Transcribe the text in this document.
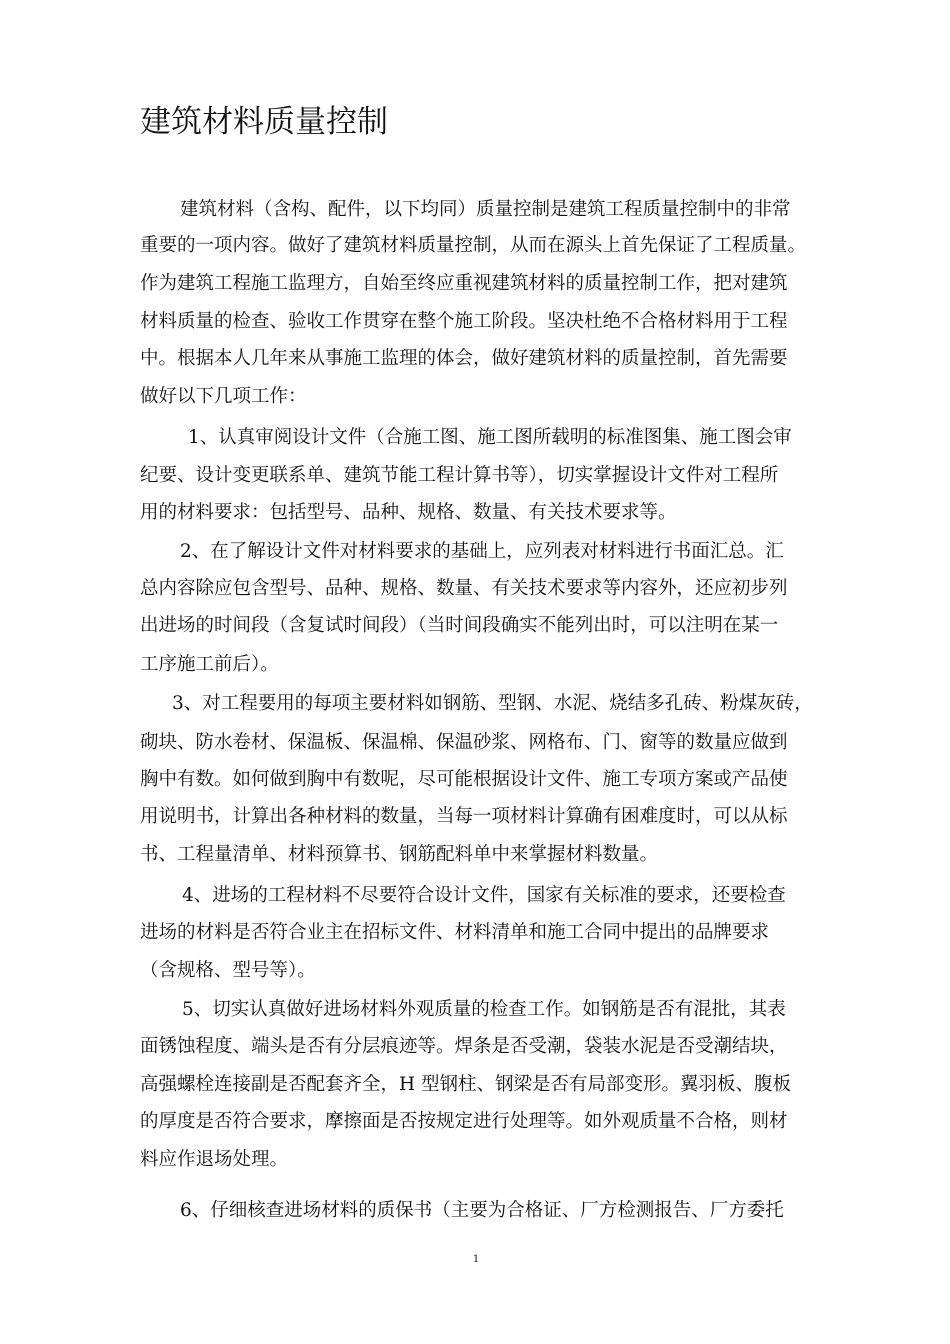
建筑材料质量控制
建筑材料（含构、配件，以下均同）质量控制是建筑工程质量控制中的非常
重要的一项内容。做好了建筑材料质量控制，从而在源头上首先保证了工程质量。
作为建筑工程施工监理方，自始至终应重视建筑材料的质量控制工作，把对建筑
材料质量的检查、验收工作贯穿在整个施工阶段。坚决杜绝不合格材料用于工程
中。根据本人几年来从事施工监理的体会，做好建筑材料的质量控制，首先需要
做好以下几项工作：
1、认真审阅设计文件（合施工图、施工图所载明的标准图集、施工图会审
纪要、设计变更联系单、建筑节能工程计算书等），切实掌握设计文件对工程所
用的材料要求：包括型号、品种、规格、数量、有关技术要求等。
2、在了解设计文件对材料要求的基础上，应列表对材料进行书面汇总。汇
总内容除应包含型号、品种、规格、数量、有关技术要求等内容外，还应初步列
出进场的时间段（含复试时间段）（当时间段确实不能列出时，可以注明在某一
工序施工前后）。
3、对工程要用的每项主要材料如钢筋、型钢、水泥、烧结多孔砖、粉煤灰砖，
砌块、防水卷材、保温板、保温棉、保温砂浆、网格布、门、窗等的数量应做到
胸中有数。如何做到胸中有数呢，尽可能根据设计文件、施工专项方案或产品使
用说明书，计算出各种材料的数量，当每一项材料计算确有困难度时，可以从标
书、工程量清单、材料预算书、钢筋配料单中来掌握材料数量。
4、进场的工程材料不尽要符合设计文件，国家有关标准的要求，还要检查
进场的材料是否符合业主在招标文件、材料清单和施工合同中提出的品牌要求
（含规格、型号等）。
5、切实认真做好进场材料外观质量的检查工作。如钢筋是否有混批，其表
面锈蚀程度、端头是否有分层痕迹等。焊条是否受潮，袋装水泥是否受潮结块，
高强螺栓连接副是否配套齐全，H 型钢柱、钢梁是否有局部变形。翼羽板、腹板
的厚度是否符合要求，摩擦面是否按规定进行处理等。如外观质量不合格，则材
料应作退场处理。
6、仔细核查进场材料的质保书（主要为合格证、厂方检测报告、厂方委托
1
